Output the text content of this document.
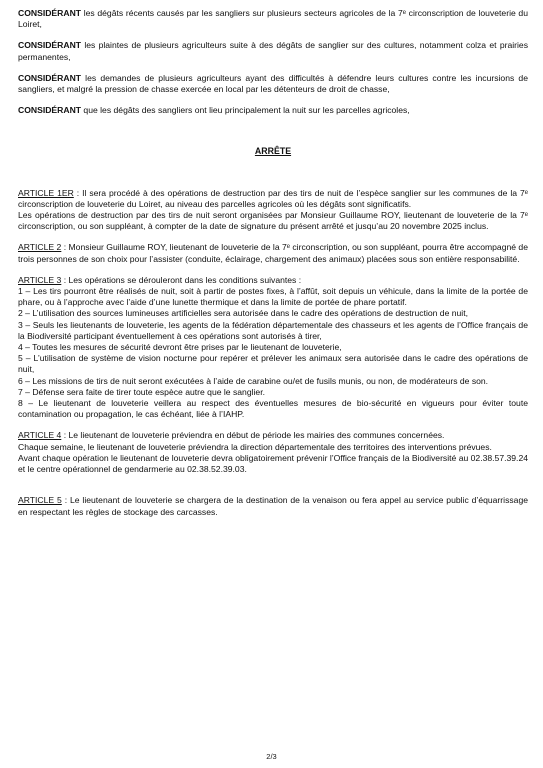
CONSIDÉRANT les dégâts récents causés par les sangliers sur plusieurs secteurs agricoles de la 7ᵉ circonscription de louveterie du Loiret,

CONSIDÉRANT les plaintes de plusieurs agriculteurs suite à des dégâts de sanglier sur des cultures, notamment colza et prairies permanentes,

CONSIDÉRANT les demandes de plusieurs agriculteurs ayant des difficultés à défendre leurs cultures contre les incursions de sangliers, et malgré la pression de chasse exercée en local par les détenteurs de droit de chasse,

CONSIDÉRANT que les dégâts des sangliers ont lieu principalement la nuit sur les parcelles agricoles,

ARRÊTE

ARTICLE 1ER : Il sera procédé à des opérations de destruction par des tirs de nuit de l’espèce sanglier sur les communes de la 7ᵉ circonscription de louveterie du Loiret, au niveau des parcelles agricoles où les dégâts sont significatifs.

Les opérations de destruction par des tirs de nuit seront organisées par Monsieur Guillaume ROY, lieutenant de louveterie de la 7ᵉ circonscription, ou son suppléant, à compter de la date de signature du présent arrêté et jusqu’au 20 novembre 2025 inclus.

ARTICLE 2 : Monsieur Guillaume ROY, lieutenant de louveterie de la 7ᵉ circonscription, ou son suppléant, pourra être accompagné de trois personnes de son choix pour l’assister (conduite, éclairage, chargement des animaux) placées sous son entière responsabilité.

ARTICLE 3 : Les opérations se dérouleront dans les conditions suivantes :

1 – Les tirs pourront être réalisés de nuit, soit à partir de postes fixes, à l’affût, soit depuis un véhicule, dans la limite de la portée de phare, ou à l’approche avec l’aide d’une lunette thermique et dans la limite de portée de phare portatif.

2 – L’utilisation des sources lumineuses artificielles sera autorisée dans le cadre des opérations de destruction de nuit,

3 – Seuls les lieutenants de louveterie, les agents de la fédération départementale des chasseurs et les agents de l’Office français de la Biodiversité participant éventuellement à ces opérations sont autorisés à tirer,

4 – Toutes les mesures de sécurité devront être prises par le lieutenant de louveterie,

5 – L’utilisation de système de vision nocturne pour repérer et prélever les animaux sera autorisée dans le cadre des opérations de nuit,

6 – Les missions de tirs de nuit seront exécutées à l’aide de carabine ou/et de fusils munis, ou non, de modérateurs de son.

7 – Défense sera faite de tirer toute espèce autre que le sanglier.

8 – Le lieutenant de louveterie veillera au respect des éventuelles mesures de bio-sécurité en vigueurs pour éviter toute contamination ou propagation, le cas échéant, liée à l’IAHP.

ARTICLE 4 : Le lieutenant de louveterie préviendra en début de période les mairies des communes concernées.

Chaque semaine, le lieutenant de louveterie préviendra la direction départementale des territoires des interventions prévues.

Avant chaque opération le lieutenant de louveterie devra obligatoirement prévenir l’Office français de la Biodiversité au 02.38.57.39.24 et le centre opérationnel de gendarmerie au 02.38.52.39.03.

ARTICLE 5 : Le lieutenant de louveterie se chargera de la destination de la venaison ou fera appel au service public d’équarrissage en respectant les règles de stockage des carcasses.

2/3
